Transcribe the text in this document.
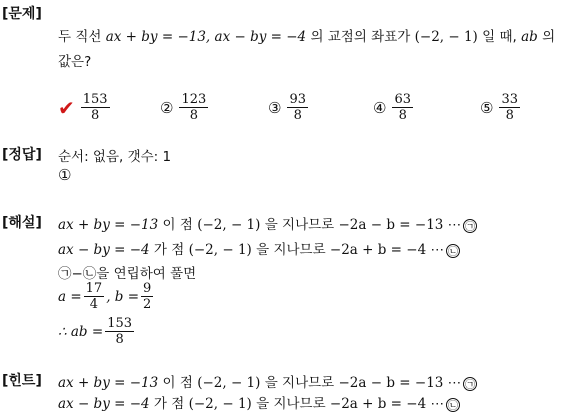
[문제]
두 직선 ax + by = −13, ax − by = −4 의 교점의 좌표가 (−2, − 1) 일 때, ab 의
값은?
✔ $\frac{153}{8}$	② $\frac{123}{8}$	③ $\frac{93}{8}$	④ $\frac{63}{8}$	⑤ $\frac{33}{8}$
[정답] 순서: 없음, 갯수: 1
①
[해설] ax + by = −13 이 점 (−2, − 1) 을 지나므로 −2a − b = −13 ⋯ ㉠
ax − by = −4 가 점 (−2, − 1) 을 지나므로 −2a + b = −4 ⋯ ㉡
㉠−㉡을 연립하여 풀면
$a = \frac{17}{4}$ , $b = \frac{9}{2}$
∴ ab = $\frac{153}{8}$
[힌트] ax + by = −13 이 점 (−2, − 1) 을 지나므로 −2a − b = −13 ⋯ ㉠
ax − by = −4 가 점 (−2, − 1) 을 지나므로 −2a + b = −4 ⋯ ㉡
